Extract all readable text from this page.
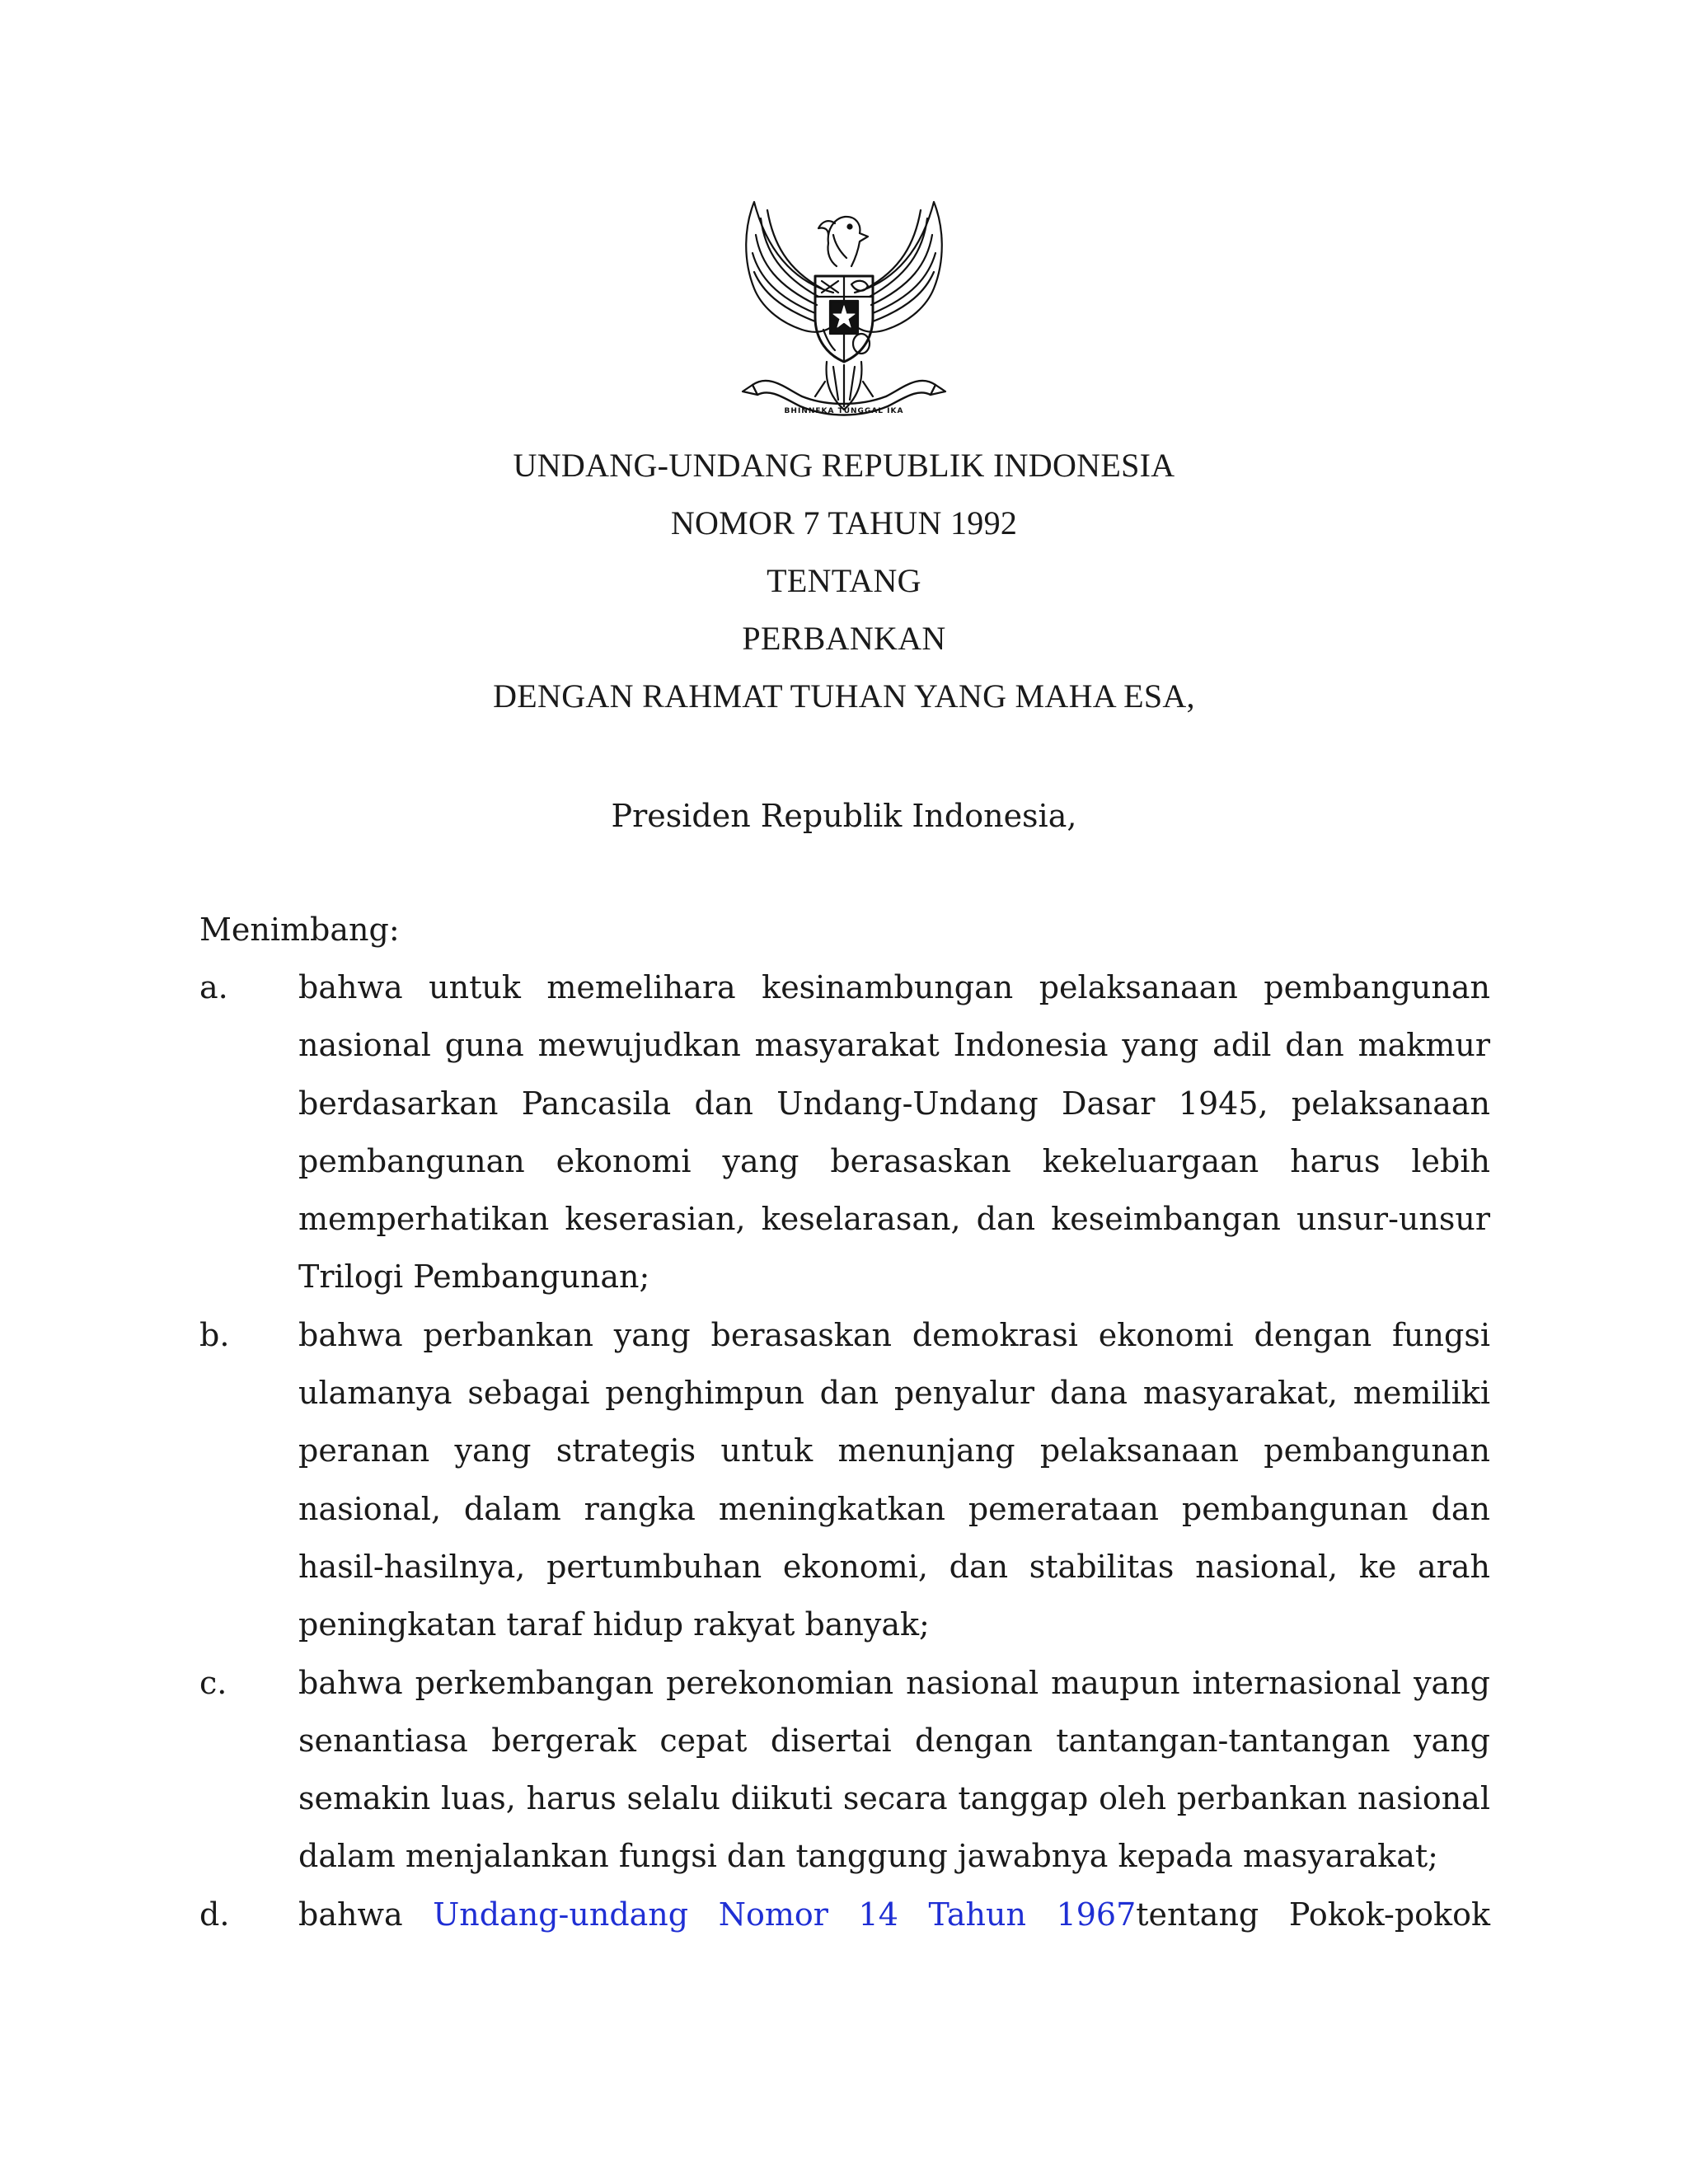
BHINNEKA TUNGGAL IKA
UNDANG-UNDANG REPUBLIK INDONESIA
NOMOR 7 TAHUN 1992
TENTANG
PERBANKAN
DENGAN RAHMAT TUHAN YANG MAHA ESA,
Presiden Republik Indonesia,
Menimbang:
a.	bahwa untuk memelihara kesinambungan pelaksanaan pembangunan nasional guna mewujudkan masyarakat Indonesia yang adil dan makmur berdasarkan Pancasila dan Undang-Undang Dasar 1945, pelaksanaan pembangunan ekonomi yang berasaskan kekeluargaan harus lebih memperhatikan keserasian, keselarasan, dan keseimbangan unsur-unsur Trilogi Pembangunan;
b.	bahwa perbankan yang berasaskan demokrasi ekonomi dengan fungsi ulamanya sebagai penghimpun dan penyalur dana masyarakat, memiliki peranan yang strategis untuk menunjang pelaksanaan pembangunan nasional, dalam rangka meningkatkan pemerataan pembangunan dan hasil-hasilnya, pertumbuhan ekonomi, dan stabilitas nasional, ke arah peningkatan taraf hidup rakyat banyak;
c.	bahwa perkembangan perekonomian nasional maupun internasional yang senantiasa bergerak cepat disertai dengan tantangan-tantangan yang semakin luas, harus selalu diikuti secara tanggap oleh perbankan nasional dalam menjalankan fungsi dan tanggung jawabnya kepada masyarakat;
d.	bahwa Undang-undang Nomor 14 Tahun 1967tentang Pokok-pokok
